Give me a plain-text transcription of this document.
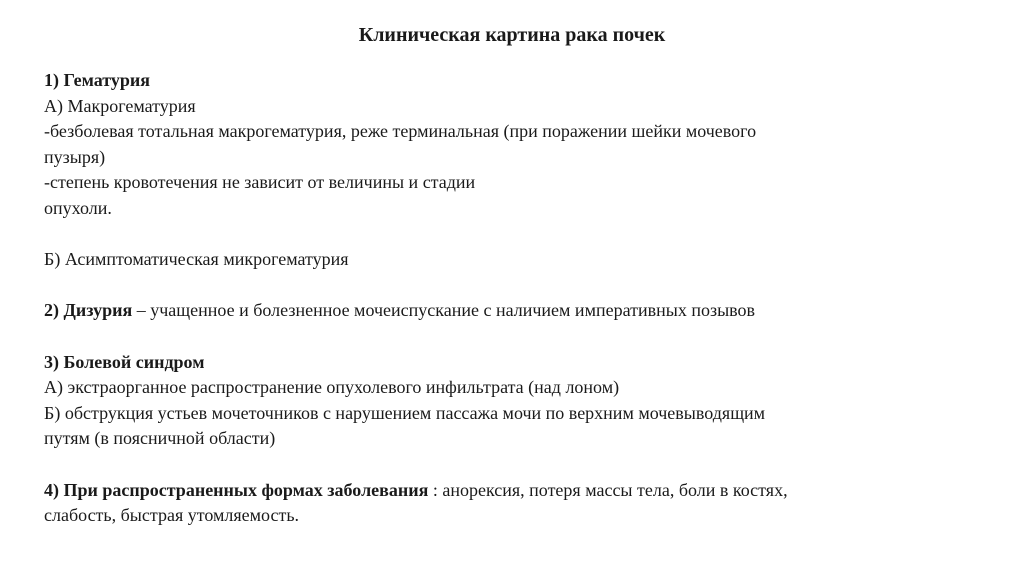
Клиническая картина рака почек
1) Гематурия
А) Макрогематурия
-безболевая тотальная макрогематурия, реже терминальная (при поражении шейки мочевого
пузыря)
-степень кровотечения не зависит от величины и стадии
опухоли.
Б) Асимптоматическая микрогематурия
2) Дизурия – учащенное и болезненное мочеиспускание с наличием императивных позывов
3) Болевой синдром
А) экстраорганное распространение опухолевого инфильтрата (над лоном)
Б) обструкция устьев мочеточников с нарушением пассажа мочи по верхним мочевыводящим
путям (в поясничной области)
4) При распространенных формах заболевания : анорексия, потеря массы тела, боли в костях,
слабость, быстрая утомляемость.
